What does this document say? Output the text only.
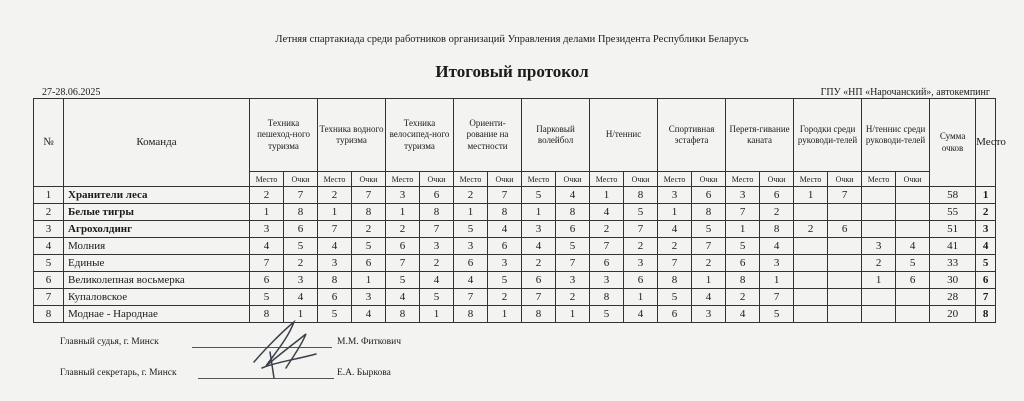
Летняя спартакиада среди работников организаций Управления делами Президента Республики Беларусь
Итоговый протокол
27-28.06.2025	ГПУ «НП «Нарочанский», автокемпинг
№	Команда	Техника пешеход-ного туризма		Техника водного туризма		Техника велосипед-ного туризма		Ориенти-рование на местности		Парковый волейбол		Н/теннис		Спортивная эстафета		Перетя-гивание каната		Городки среди руководи-телей		Н/теннис среди руководи-телей		Сумма очков	Место
		Место	Очки	Место	Очки	Место	Очки	Место	Очки	Место	Очки	Место	Очки	Место	Очки	Место	Очки	Место	Очки	Место	Очки		
1	Хранители леса	2	7	2	7	3	6	2	7	5	4	1	8	3	6	3	6	1	7			58	1
2	Белые тигры	1	8	1	8	1	8	1	8	1	8	4	5	1	8	7	2					55	2
3	Агрохолдинг	3	6	7	2	2	7	5	4	3	6	2	7	4	5	1	8	2	6			51	3
4	Молния	4	5	4	5	6	3	3	6	4	5	7	2	2	7	5	4			3	4	41	4
5	Единые	7	2	3	6	7	2	6	3	2	7	6	3	7	2	6	3			2	5	33	5
6	Великолепная восьмерка	6	3	8	1	5	4	4	5	6	3	3	6	8	1	8	1			1	6	30	6
7	Купаловское	5	4	6	3	4	5	7	2	7	2	8	1	5	4	2	7					28	7
8	Моднае - Народнае	8	1	5	4	8	1	8	1	8	1	5	4	6	3	4	5					20	8
Главный судья, г. Минск	М.М. Фиткович
Главный секретарь, г. Минск	Е.А. Быркова
